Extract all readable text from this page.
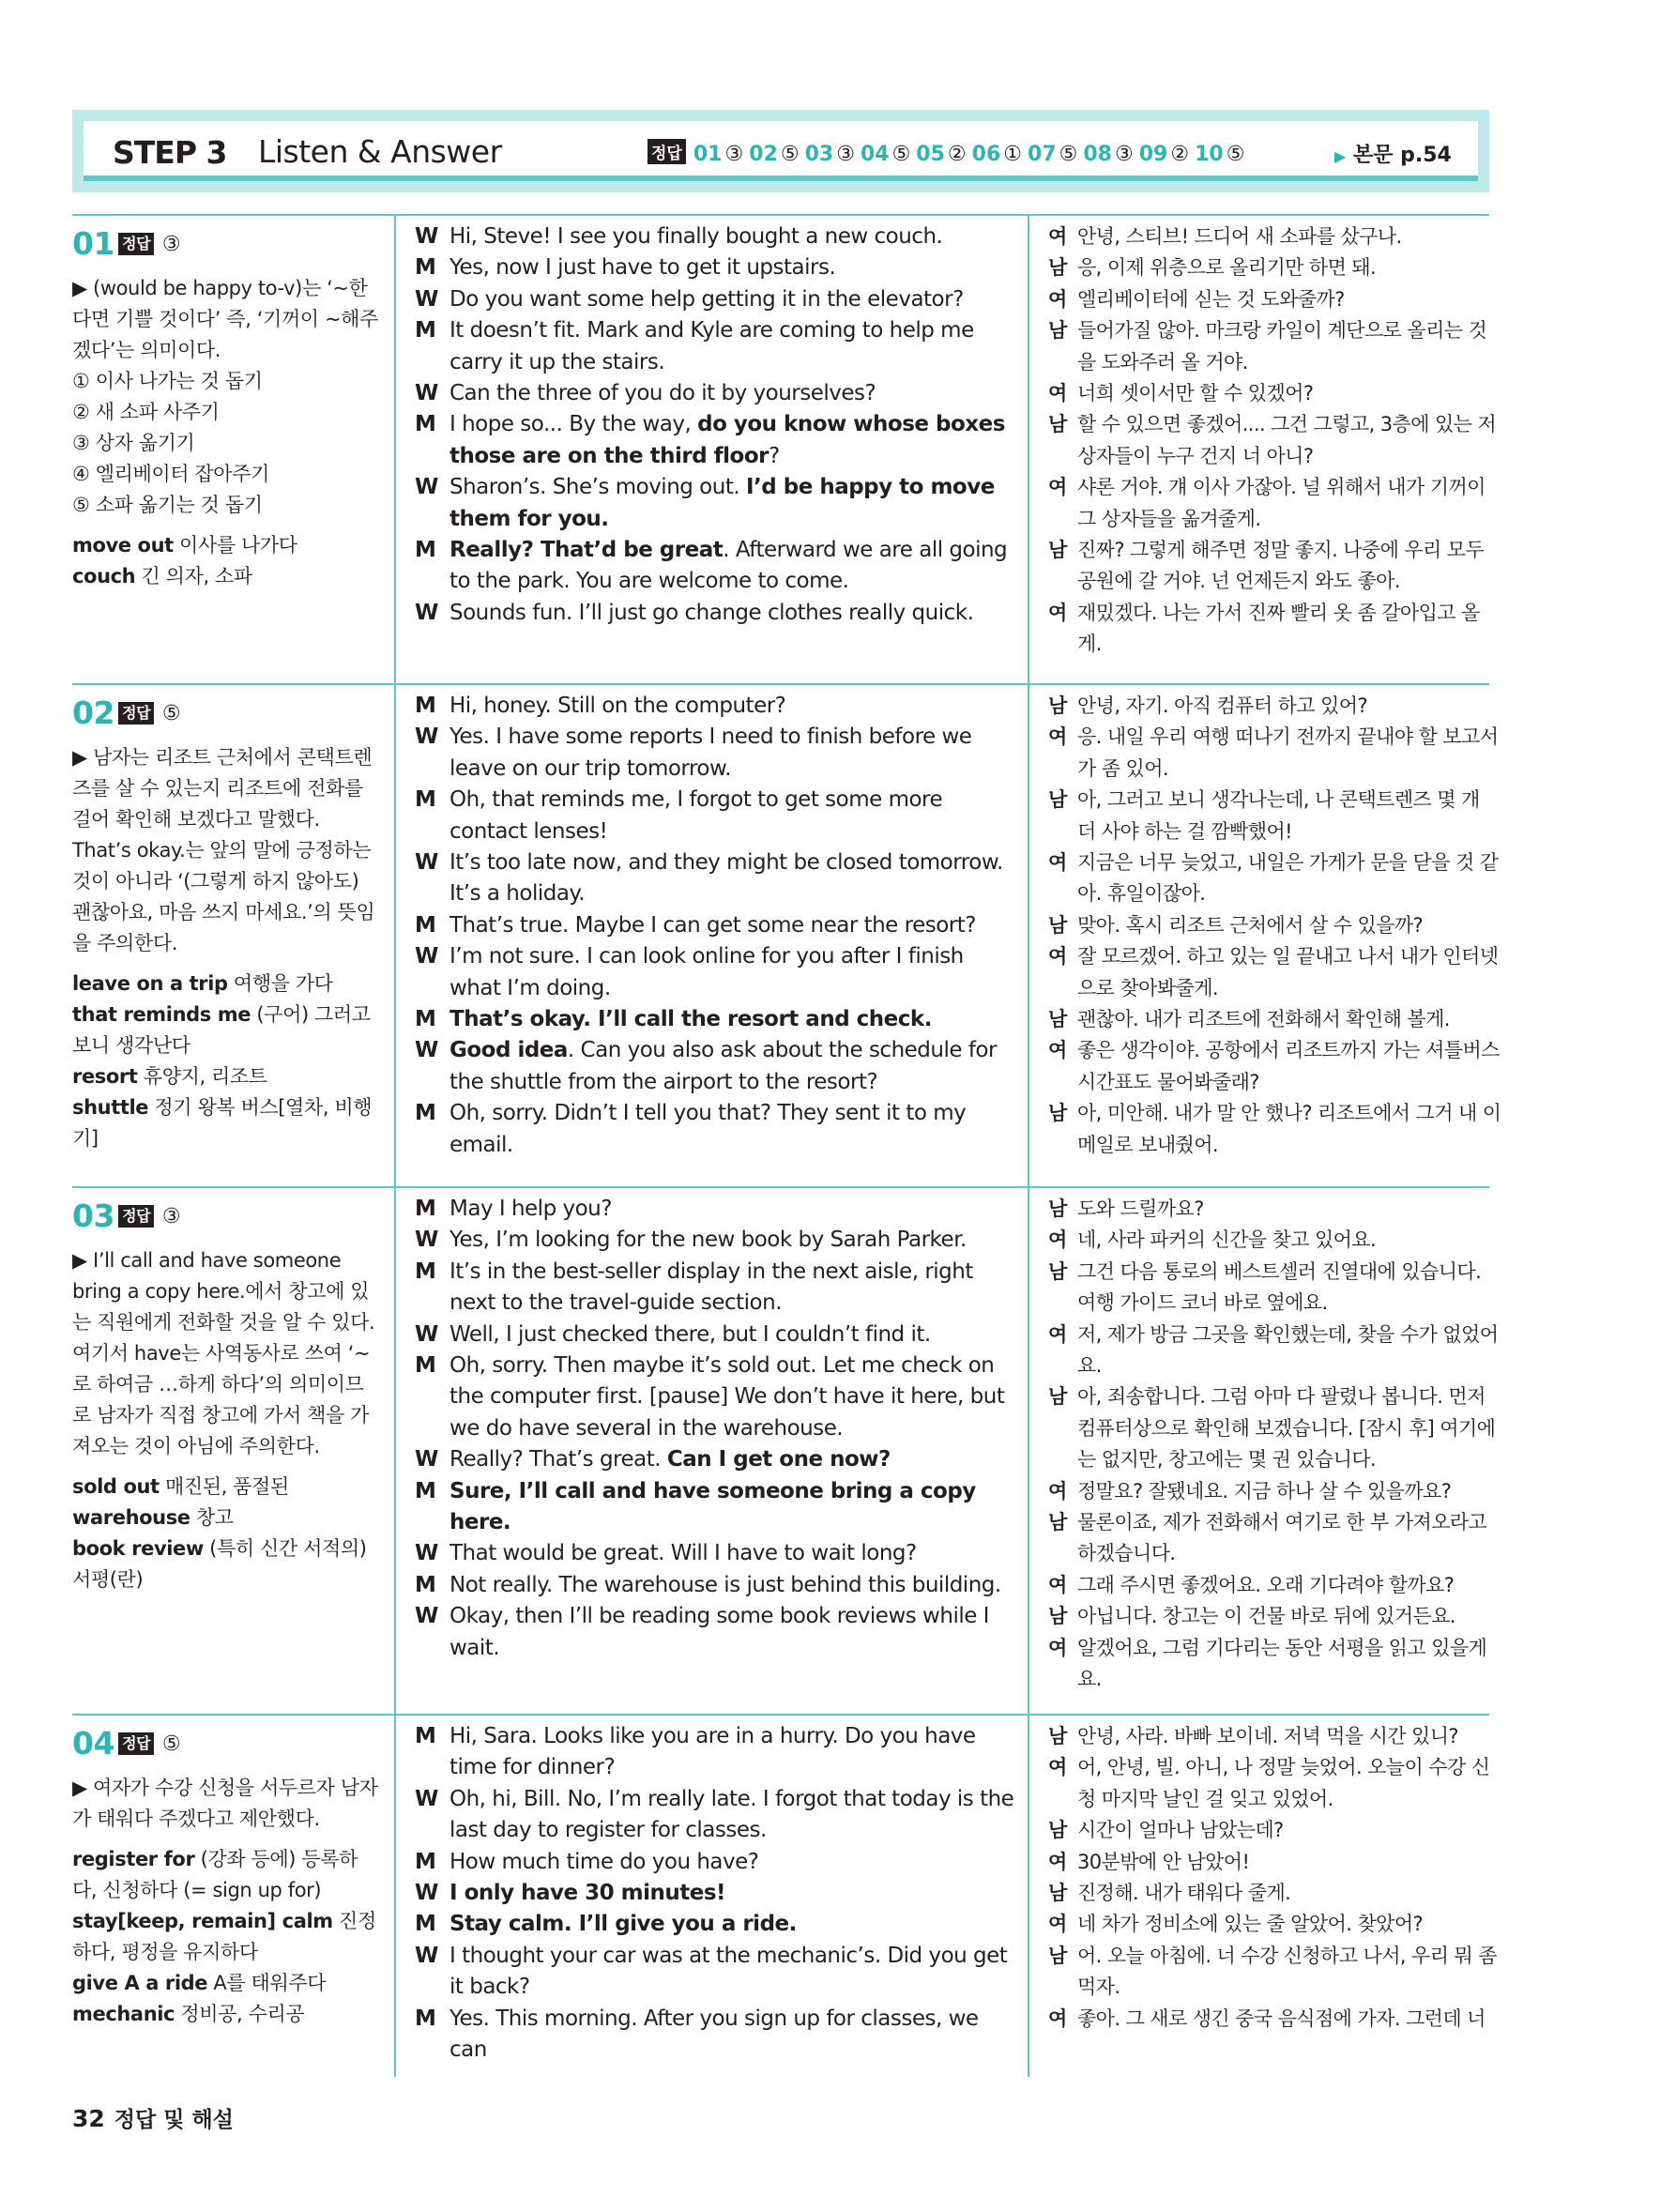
STEP 3 Listen & Answer	정답 01 ③ 02 ⑤ 03 ③ 04 ⑤ 05 ② 06 ① 07 ⑤ 08 ③ 09 ② 10 ⑤	▶ 본문 p.54
01 정답 ③
▶ (would be happy to-v)는 ‘~한다면 기쁠 것이다’ 즉, ‘기꺼이 ~해주겠다’는 의미이다.
① 이사 나가는 것 돕기
② 새 소파 사주기
③ 상자 옮기기
④ 엘리베이터 잡아주기
⑤ 소파 옮기는 것 돕기
move out 이사를 나가다
couch 긴 의자, 소파
W Hi, Steve! I see you finally bought a new couch.
M Yes, now I just have to get it upstairs.
W Do you want some help getting it in the elevator?
M It doesn’t fit. Mark and Kyle are coming to help me carry it up the stairs.
W Can the three of you do it by yourselves?
M I hope so... By the way, do you know whose boxes those are on the third floor?
W Sharon’s. She’s moving out. I’d be happy to move them for you.
M Really? That’d be great. Afterward we are all going to the park. You are welcome to come.
W Sounds fun. I’ll just go change clothes really quick.
여 안녕, 스티브! 드디어 새 소파를 샀구나.
남 응, 이제 위층으로 올리기만 하면 돼.
여 엘리베이터에 싣는 것 도와줄까?
남 들어가질 않아. 마크랑 카일이 계단으로 올리는 것을 도와주러 올 거야.
여 너희 셋이서만 할 수 있겠어?
남 할 수 있으면 좋겠어.... 그건 그렇고, 3층에 있는 저 상자들이 누구 건지 너 아니?
여 샤론 거야. 걔 이사 가잖아. 널 위해서 내가 기꺼이 그 상자들을 옮겨줄게.
남 진짜? 그렇게 해주면 정말 좋지. 나중에 우리 모두 공원에 갈 거야. 넌 언제든지 와도 좋아.
여 재밌겠다. 나는 가서 진짜 빨리 옷 좀 갈아입고 올게.
02 정답 ⑤
▶ 남자는 리조트 근처에서 콘택트렌즈를 살 수 있는지 리조트에 전화를 걸어 확인해 보겠다고 말했다. That’s okay.는 앞의 말에 긍정하는 것이 아니라 ‘(그렇게 하지 않아도) 괜찮아요, 마음 쓰지 마세요.’의 뜻임을 주의한다.
leave on a trip 여행을 가다
that reminds me (구어) 그러고 보니 생각난다
resort 휴양지, 리조트
shuttle 정기 왕복 버스[열차, 비행기]
M Hi, honey. Still on the computer?
W Yes. I have some reports I need to finish before we leave on our trip tomorrow.
M Oh, that reminds me, I forgot to get some more contact lenses!
W It’s too late now, and they might be closed tomorrow. It’s a holiday.
M That’s true. Maybe I can get some near the resort?
W I’m not sure. I can look online for you after I finish what I’m doing.
M That’s okay. I’ll call the resort and check.
W Good idea. Can you also ask about the schedule for the shuttle from the airport to the resort?
M Oh, sorry. Didn’t I tell you that? They sent it to my email.
남 안녕, 자기. 아직 컴퓨터 하고 있어?
여 응. 내일 우리 여행 떠나기 전까지 끝내야 할 보고서가 좀 있어.
남 아, 그러고 보니 생각나는데, 나 콘택트렌즈 몇 개 더 사야 하는 걸 깜빡했어!
여 지금은 너무 늦었고, 내일은 가게가 문을 닫을 것 같아. 휴일이잖아.
남 맞아. 혹시 리조트 근처에서 살 수 있을까?
여 잘 모르겠어. 하고 있는 일 끝내고 나서 내가 인터넷으로 찾아봐줄게.
남 괜찮아. 내가 리조트에 전화해서 확인해 볼게.
여 좋은 생각이야. 공항에서 리조트까지 가는 셔틀버스 시간표도 물어봐줄래?
남 아, 미안해. 내가 말 안 했나? 리조트에서 그거 내 이메일로 보내줬어.
03 정답 ③
▶ I’ll call and have someone bring a copy here.에서 창고에 있는 직원에게 전화할 것을 알 수 있다. 여기서 have는 사역동사로 쓰여 ‘~로 하여금 …하게 하다’의 의미이므로 남자가 직접 창고에 가서 책을 가져오는 것이 아님에 주의한다.
sold out 매진된, 품절된
warehouse 창고
book review (특히 신간 서적의) 서평(란)
M May I help you?
W Yes, I’m looking for the new book by Sarah Parker.
M It’s in the best-seller display in the next aisle, right next to the travel-guide section.
W Well, I just checked there, but I couldn’t find it.
M Oh, sorry. Then maybe it’s sold out. Let me check on the computer first. [pause] We don’t have it here, but we do have several in the warehouse.
W Really? That’s great. Can I get one now?
M Sure, I’ll call and have someone bring a copy here.
W That would be great. Will I have to wait long?
M Not really. The warehouse is just behind this building.
W Okay, then I’ll be reading some book reviews while I wait.
남 도와 드릴까요?
여 네, 사라 파커의 신간을 찾고 있어요.
남 그건 다음 통로의 베스트셀러 진열대에 있습니다. 여행 가이드 코너 바로 옆에요.
여 저, 제가 방금 그곳을 확인했는데, 찾을 수가 없었어요.
남 아, 죄송합니다. 그럼 아마 다 팔렸나 봅니다. 먼저 컴퓨터상으로 확인해 보겠습니다. [잠시 후] 여기에는 없지만, 창고에는 몇 권 있습니다.
여 정말요? 잘됐네요. 지금 하나 살 수 있을까요?
남 물론이죠, 제가 전화해서 여기로 한 부 가져오라고 하겠습니다.
여 그래 주시면 좋겠어요. 오래 기다려야 할까요?
남 아닙니다. 창고는 이 건물 바로 뒤에 있거든요.
여 알겠어요, 그럼 기다리는 동안 서평을 읽고 있을게요.
04 정답 ⑤
▶ 여자가 수강 신청을 서두르자 남자가 태워다 주겠다고 제안했다.
register for (강좌 등에) 등록하다, 신청하다 (= sign up for)
stay[keep, remain] calm 진정하다, 평정을 유지하다
give A a ride A를 태워주다
mechanic 정비공, 수리공
M Hi, Sara. Looks like you are in a hurry. Do you have time for dinner?
W Oh, hi, Bill. No, I’m really late. I forgot that today is the last day to register for classes.
M How much time do you have?
W I only have 30 minutes!
M Stay calm. I’ll give you a ride.
W I thought your car was at the mechanic’s. Did you get it back?
M Yes. This morning. After you sign up for classes, we can
남 안녕, 사라. 바빠 보이네. 저녁 먹을 시간 있니?
여 어, 안녕, 빌. 아니, 나 정말 늦었어. 오늘이 수강 신청 마지막 날인 걸 잊고 있었어.
남 시간이 얼마나 남았는데?
여 30분밖에 안 남았어!
남 진정해. 내가 태워다 줄게.
여 네 차가 정비소에 있는 줄 알았어. 찾았어?
남 어. 오늘 아침에. 너 수강 신청하고 나서, 우리 뭐 좀 먹자.
여 좋아. 그 새로 생긴 중국 음식점에 가자. 그런데 너
32 정답 및 해설
